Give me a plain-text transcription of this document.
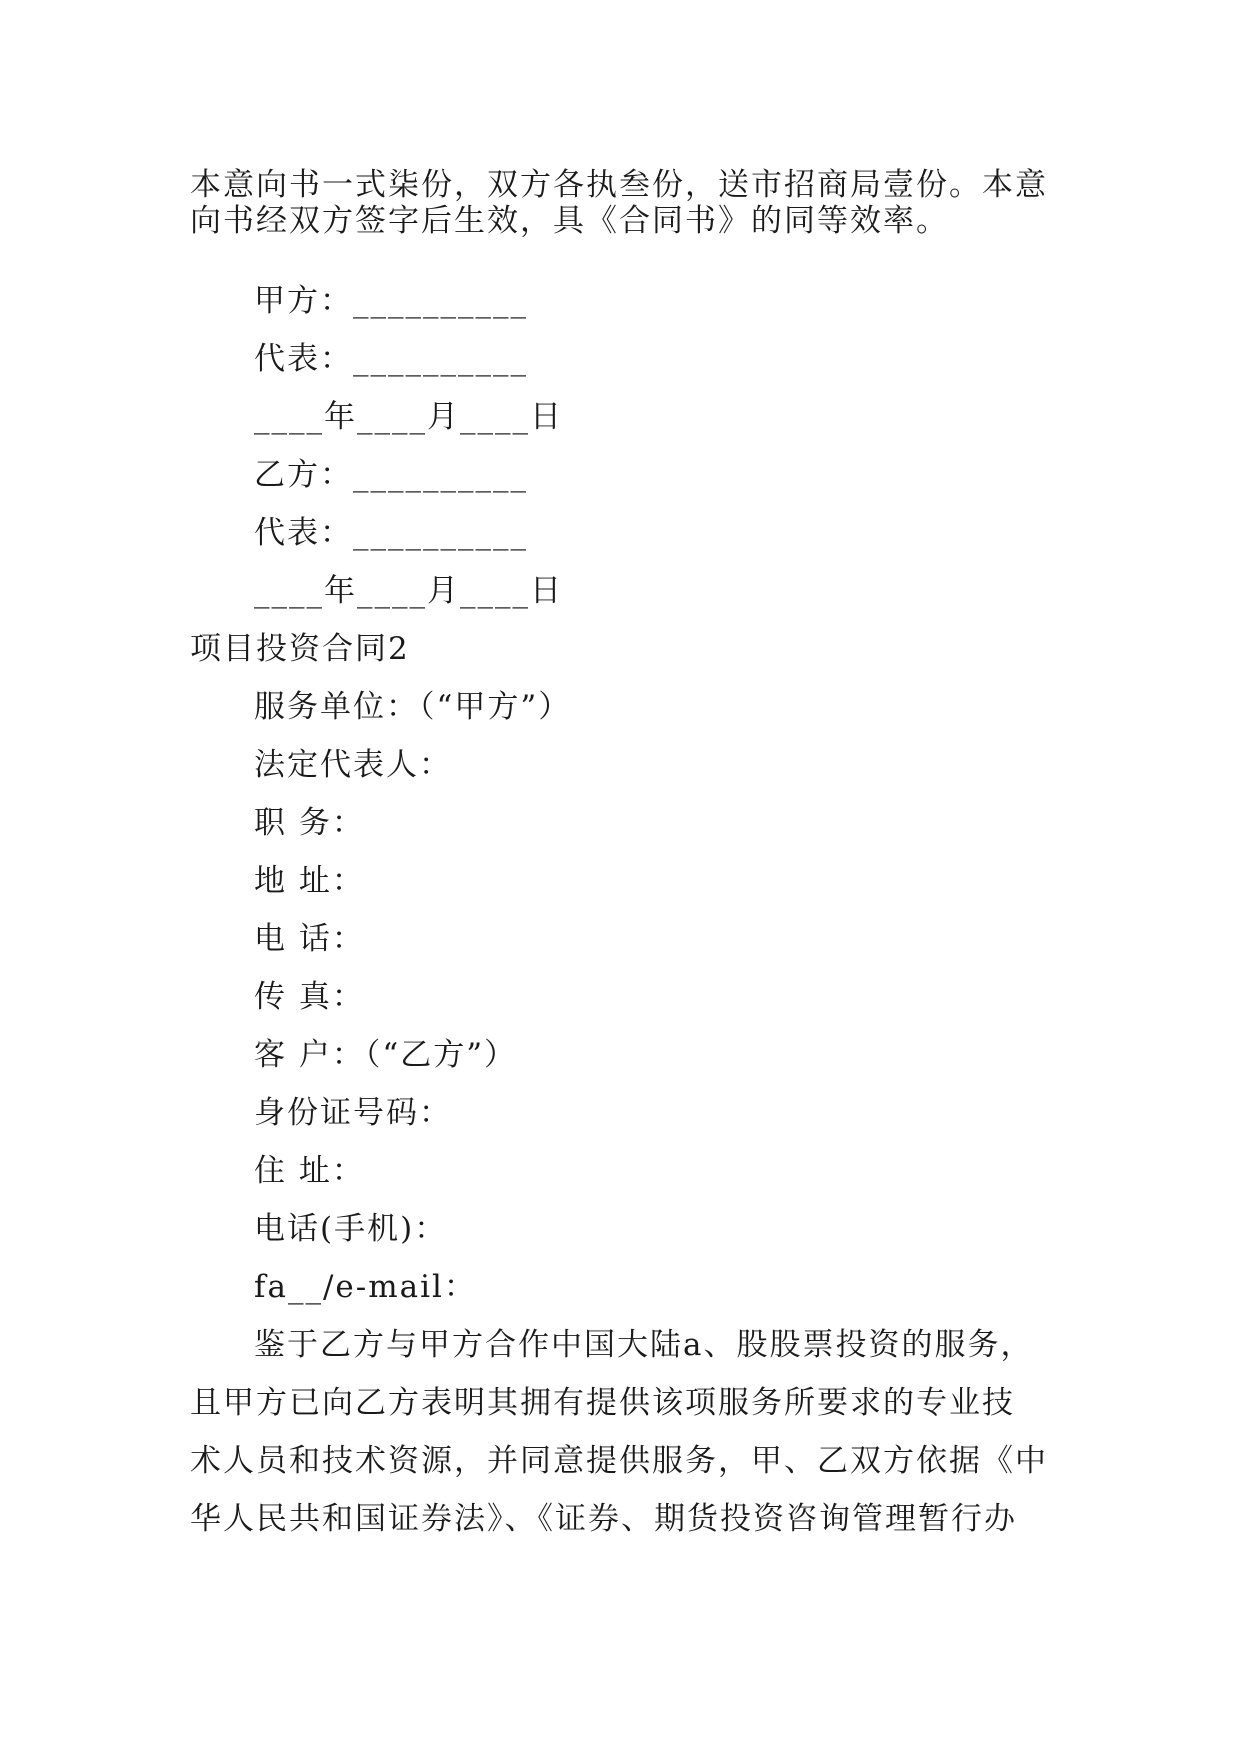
本意向书一式柒份，双方各执叁份，送市招商局壹份。本意
向书经双方签字后生效，具《合同书》的同等效率。
甲方：__________
代表：__________
____年____月____日
乙方：__________
代表：__________
____年____月____日
项目投资合同2
服务单位：（“甲方”）
法定代表人：
职 务：
地 址：
电 话：
传 真：
客 户：（“乙方”）
身份证号码：
住 址：
电话(手机)：
fa__/e-mail：
鉴于乙方与甲方合作中国大陆a、股股票投资的服务，
且甲方已向乙方表明其拥有提供该项服务所要求的专业技
术人员和技术资源，并同意提供服务，甲、乙双方依据《中
华人民共和国证券法》、《证券、期货投资咨询管理暂行办
